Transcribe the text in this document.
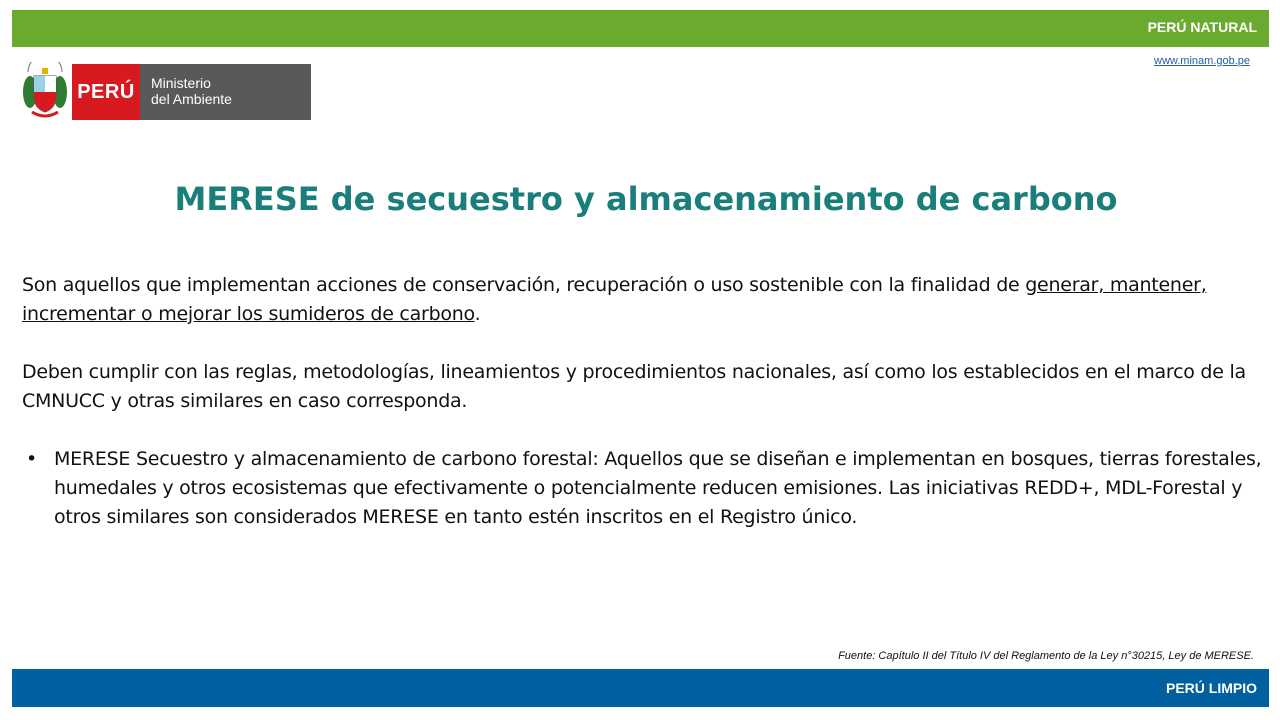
PERÚ NATURAL
www.minam.gob.pe
PERÚ Ministerio
del Ambiente
MERESE de secuestro y almacenamiento de carbono

Son aquellos que implementan acciones de conservación, recuperación o uso sostenible con la finalidad de generar, mantener, incrementar o mejorar los sumideros de carbono.

Deben cumplir con las reglas, metodologías, lineamientos y procedimientos nacionales, así como los establecidos en el marco de la CMNUCC y otras similares en caso corresponda.

• MERESE Secuestro y almacenamiento de carbono forestal: Aquellos que se diseñan e implementan en bosques, tierras forestales, humedales y otros ecosistemas que efectivamente o potencialmente reducen emisiones. Las iniciativas REDD+, MDL-Forestal y otros similares son considerados MERESE en tanto estén inscritos en el Registro único.

Fuente: Capítulo II del Título IV del Reglamento de la Ley n°30215, Ley de MERESE.
PERÚ LIMPIO
